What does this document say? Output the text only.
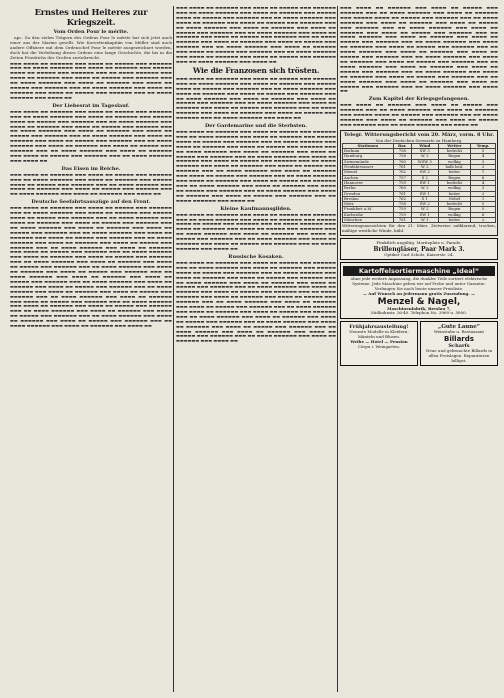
Ernstes und Heiteres zur Kriegszeit.
Vom Orden Pour le mérite.

npc. Zu den vielen Trägern des Ordens Pour le mérite hat sich jetzt auch einer aus der Marine gesellt. Wie Korvettenkapitän von Müller sind auch andere Offiziere mit dem Ordenschef Pour le mérite ausgezeichnet worden, doch hat die Verleihung dieses Ordens eine lange Geschichte, die bis in die Zeiten Friedrichs des Großen zurückreicht.

▬▬▬ ▬▬▬▬ ▬▬ ▬▬▬▬▬▬ ▬▬▬ ▬▬▬▬ ▬▬ ▬▬▬▬▬ ▬▬▬ ▬▬▬▬▬▬ ▬▬▬ ▬▬ ▬▬▬▬ ▬▬▬▬▬▬ ▬▬▬ ▬▬▬▬ ▬▬ ▬▬▬▬▬▬ ▬▬▬ ▬▬▬▬▬ ▬▬▬▬ ▬▬ ▬▬▬▬▬ ▬▬▬ ▬▬▬▬▬▬ ▬▬▬ ▬▬ ▬▬▬▬ ▬▬▬▬▬▬ ▬▬▬ ▬▬▬▬ ▬▬ ▬▬▬▬▬▬ ▬▬▬ ▬▬▬▬ ▬▬ ▬▬▬▬▬ ▬▬▬ ▬▬▬▬▬▬ ▬▬▬ ▬▬ ▬▬▬▬ ▬▬▬▬▬▬ ▬▬▬ ▬▬▬▬ ▬▬ ▬▬▬▬▬▬ ▬▬▬ ▬▬▬▬ ▬▬ ▬▬▬▬▬ ▬▬▬ ▬▬▬▬▬▬ ▬▬▬ ▬▬ ▬▬▬▬ ▬▬▬▬▬▬ ▬▬▬ ▬▬▬▬ ▬▬ ▬▬▬▬▬▬ ▬▬▬ ▬▬▬▬ ▬▬ ▬▬▬▬▬ ▬▬▬ ▬▬▬▬▬▬ ▬▬▬ ▬▬ ▬▬▬▬ ▬▬▬▬▬▬ ▬▬▬ ▬▬▬▬ ▬▬

Der Liebesrat im Tageslauf.

▬▬▬ ▬▬▬▬ ▬▬ ▬▬▬▬▬▬ ▬▬▬ ▬▬▬▬ ▬▬ ▬▬▬▬▬ ▬▬▬ ▬▬▬▬▬▬ ▬▬▬ ▬▬ ▬▬▬▬ ▬▬▬▬▬▬ ▬▬▬ ▬▬▬▬ ▬▬ ▬▬▬▬▬▬ ▬▬▬ ▬▬▬▬▬ ▬▬▬▬ ▬▬ ▬▬▬▬▬ ▬▬▬ ▬▬▬▬▬▬ ▬▬▬ ▬▬ ▬▬▬▬ ▬▬▬▬▬▬ ▬▬▬ ▬▬▬▬ ▬▬ ▬▬▬▬▬▬ ▬▬▬ ▬▬▬▬ ▬▬ ▬▬▬▬▬ ▬▬▬ ▬▬▬▬▬▬ ▬▬▬ ▬▬ ▬▬▬▬ ▬▬▬▬▬▬ ▬▬▬ ▬▬▬▬ ▬▬ ▬▬▬▬▬▬ ▬▬▬ ▬▬▬▬ ▬▬ ▬▬▬▬▬ ▬▬▬ ▬▬▬▬▬▬ ▬▬▬ ▬▬ ▬▬▬▬ ▬▬▬▬▬▬ ▬▬▬ ▬▬▬▬ ▬▬ ▬▬▬▬▬▬ ▬▬▬ ▬▬▬▬ ▬▬ ▬▬▬▬▬ ▬▬▬ ▬▬▬▬▬▬ ▬▬▬ ▬▬ ▬▬▬▬ ▬▬▬▬▬▬ ▬▬▬ ▬▬▬▬ ▬▬ ▬▬▬▬▬▬ ▬▬▬ ▬▬▬▬ ▬▬ ▬▬▬▬▬ ▬▬▬ ▬▬▬▬▬▬ ▬▬▬ ▬▬ ▬▬▬▬ ▬▬▬▬▬▬ ▬▬▬ ▬▬▬▬ ▬▬ ▬▬▬▬▬▬ ▬▬▬ ▬▬▬▬ ▬▬ ▬▬▬▬▬ ▬▬▬ ▬▬▬▬▬▬ ▬▬▬ ▬▬ ▬▬▬▬ ▬▬▬▬▬▬ ▬▬▬ ▬▬▬▬ ▬▬

Das Eisen im Reiche.

▬▬▬ ▬▬▬▬ ▬▬ ▬▬▬▬▬▬ ▬▬▬ ▬▬▬▬ ▬▬ ▬▬▬▬▬ ▬▬▬ ▬▬▬▬▬▬ ▬▬▬ ▬▬ ▬▬▬▬ ▬▬▬▬▬▬ ▬▬▬ ▬▬▬▬ ▬▬ ▬▬▬▬▬▬ ▬▬▬ ▬▬▬▬▬ ▬▬▬▬ ▬▬ ▬▬▬▬▬ ▬▬▬ ▬▬▬▬▬▬ ▬▬▬ ▬▬ ▬▬▬▬ ▬▬▬▬▬▬ ▬▬▬ ▬▬▬▬ ▬▬ ▬▬▬▬▬▬ ▬▬▬ ▬▬▬▬ ▬▬ ▬▬▬▬▬ ▬▬▬ ▬▬▬▬▬▬ ▬▬▬ ▬▬ ▬▬▬▬ ▬▬▬▬▬▬ ▬▬▬ ▬▬▬▬ ▬▬ ▬▬▬▬▬▬ ▬▬▬ ▬▬▬▬ ▬▬

Deutsche Seefahrtsauszüge auf den Front.

▬▬▬ ▬▬▬▬ ▬▬ ▬▬▬▬▬▬ ▬▬▬ ▬▬▬▬ ▬▬ ▬▬▬▬▬ ▬▬▬ ▬▬▬▬▬▬ ▬▬▬ ▬▬ ▬▬▬▬ ▬▬▬▬▬▬ ▬▬▬ ▬▬▬▬ ▬▬ ▬▬▬▬▬▬ ▬▬▬ ▬▬▬▬▬ ▬▬▬▬ ▬▬ ▬▬▬▬▬ ▬▬▬ ▬▬▬▬▬▬ ▬▬▬ ▬▬ ▬▬▬▬ ▬▬▬▬▬▬ ▬▬▬ ▬▬▬▬ ▬▬ ▬▬▬▬▬▬ ▬▬▬ ▬▬▬▬ ▬▬ ▬▬▬▬▬ ▬▬▬ ▬▬▬▬▬▬ ▬▬▬ ▬▬ ▬▬▬▬ ▬▬▬▬▬▬ ▬▬▬ ▬▬▬▬ ▬▬ ▬▬▬▬▬▬ ▬▬▬ ▬▬▬▬ ▬▬ ▬▬▬▬▬ ▬▬▬ ▬▬▬▬▬▬ ▬▬▬ ▬▬ ▬▬▬▬ ▬▬▬▬▬▬ ▬▬▬ ▬▬▬▬ ▬▬ ▬▬▬▬▬▬ ▬▬▬ ▬▬▬▬ ▬▬ ▬▬▬▬▬ ▬▬▬ ▬▬▬▬▬▬ ▬▬▬ ▬▬ ▬▬▬▬ ▬▬▬▬▬▬ ▬▬▬ ▬▬▬▬ ▬▬ ▬▬▬▬▬▬ ▬▬▬ ▬▬▬▬ ▬▬ ▬▬▬▬▬ ▬▬▬ ▬▬▬▬▬▬ ▬▬▬ ▬▬ ▬▬▬▬ ▬▬▬▬▬▬ ▬▬▬ ▬▬▬▬ ▬▬ ▬▬▬▬▬▬ ▬▬▬ ▬▬▬▬ ▬▬ ▬▬▬▬▬ ▬▬▬ ▬▬▬▬▬▬ ▬▬▬ ▬▬ ▬▬▬▬ ▬▬▬▬▬▬ ▬▬▬ ▬▬▬▬ ▬▬ ▬▬▬▬▬▬ ▬▬▬ ▬▬▬▬ ▬▬ ▬▬▬▬▬ ▬▬▬ ▬▬▬▬▬▬ ▬▬▬ ▬▬ ▬▬▬▬ ▬▬▬▬▬▬ ▬▬▬ ▬▬▬▬ ▬▬ ▬▬▬▬▬▬ ▬▬▬ ▬▬▬▬ ▬▬ ▬▬▬▬▬ ▬▬▬ ▬▬▬▬▬▬ ▬▬▬ ▬▬ ▬▬▬▬ ▬▬▬▬▬▬ ▬▬▬ ▬▬▬▬ ▬▬ ▬▬▬▬▬▬ ▬▬▬ ▬▬▬▬ ▬▬ ▬▬▬▬▬ ▬▬▬ ▬▬▬▬▬▬ ▬▬▬ ▬▬ ▬▬▬▬ ▬▬▬▬▬▬ ▬▬▬ ▬▬▬▬ ▬▬ ▬▬▬▬▬▬ ▬▬▬ ▬▬▬▬ ▬▬ ▬▬▬▬▬ ▬▬▬ ▬▬▬▬▬▬ ▬▬▬ ▬▬ ▬▬▬▬ ▬▬▬▬▬▬ ▬▬▬ ▬▬▬▬ ▬▬ ▬▬▬▬▬▬ ▬▬▬ ▬▬▬▬ ▬▬ ▬▬▬▬▬ ▬▬▬ ▬▬▬▬▬▬ ▬▬▬ ▬▬ ▬▬▬▬ ▬▬▬▬▬▬ ▬▬▬ ▬▬▬▬ ▬▬ ▬▬▬▬▬▬ ▬▬▬ ▬▬▬▬ ▬▬ ▬▬▬▬▬ ▬▬▬ ▬▬▬▬▬▬ ▬▬▬ ▬▬ ▬▬▬▬ ▬▬▬▬▬▬ ▬▬▬ ▬▬▬▬ ▬▬ ▬▬▬▬▬▬ ▬▬▬ ▬▬▬▬ ▬▬ ▬▬▬▬▬ ▬▬▬ ▬▬▬▬▬▬ ▬▬▬ ▬▬ ▬▬▬▬ ▬▬▬▬▬▬ ▬▬▬ ▬▬▬▬ ▬▬ ▬▬▬▬▬▬ ▬▬▬ ▬▬▬▬ ▬▬ ▬▬▬▬▬ ▬▬▬ ▬▬▬▬▬▬ ▬▬▬ ▬▬ ▬▬▬▬ ▬▬▬▬▬▬ ▬▬▬ ▬▬▬▬ ▬▬ ▬▬▬▬▬▬ ▬▬▬ ▬▬▬▬ ▬▬ ▬▬▬▬▬ ▬▬▬ ▬▬▬▬▬▬ ▬▬▬ ▬▬ ▬▬▬▬ ▬▬▬▬▬▬ ▬▬▬ ▬▬▬▬ ▬▬ ▬▬▬▬▬▬ ▬▬▬ ▬▬▬▬ ▬▬ ▬▬▬▬▬ ▬▬▬ ▬▬▬▬▬▬ ▬▬▬ ▬▬ ▬▬▬▬ ▬▬▬▬▬▬ ▬▬▬ ▬▬▬▬ ▬▬ ▬▬▬▬▬▬ ▬▬▬ ▬▬▬▬ ▬▬

▬▬▬ ▬▬▬▬ ▬▬ ▬▬▬▬▬▬ ▬▬▬ ▬▬▬▬ ▬▬ ▬▬▬▬▬ ▬▬▬ ▬▬▬▬▬▬ ▬▬▬ ▬▬ ▬▬▬▬ ▬▬▬▬▬▬ ▬▬▬ ▬▬▬▬ ▬▬ ▬▬▬▬▬▬ ▬▬▬ ▬▬▬▬▬ ▬▬▬▬ ▬▬ ▬▬▬▬▬ ▬▬▬ ▬▬▬▬▬▬ ▬▬▬ ▬▬ ▬▬▬▬ ▬▬▬▬▬▬ ▬▬▬ ▬▬▬▬ ▬▬ ▬▬▬▬▬▬ ▬▬▬ ▬▬▬▬ ▬▬ ▬▬▬▬▬ ▬▬▬ ▬▬▬▬▬▬ ▬▬▬ ▬▬ ▬▬▬▬ ▬▬▬▬▬▬ ▬▬▬ ▬▬▬▬ ▬▬ ▬▬▬▬▬▬ ▬▬▬ ▬▬▬▬ ▬▬ ▬▬▬▬▬ ▬▬▬ ▬▬▬▬▬▬ ▬▬▬ ▬▬ ▬▬▬▬ ▬▬▬▬▬▬ ▬▬▬ ▬▬▬▬ ▬▬ ▬▬▬▬▬▬ ▬▬▬ ▬▬▬▬ ▬▬ ▬▬▬▬▬ ▬▬▬ ▬▬▬▬▬▬ ▬▬▬ ▬▬ ▬▬▬▬ ▬▬▬▬▬▬ ▬▬▬ ▬▬▬▬ ▬▬ ▬▬▬▬▬▬ ▬▬▬ ▬▬▬▬ ▬▬ ▬▬▬▬▬ ▬▬▬ ▬▬▬▬▬▬ ▬▬▬ ▬▬ ▬▬▬▬ ▬▬▬▬▬▬ ▬▬▬ ▬▬▬▬ ▬▬ ▬▬▬▬▬▬ ▬▬▬ ▬▬▬▬ ▬▬ ▬▬▬▬▬ ▬▬▬ ▬▬▬▬▬▬ ▬▬▬ ▬▬ ▬▬▬▬ ▬▬▬▬▬▬ ▬▬▬ ▬▬▬▬ ▬▬ ▬▬▬▬▬▬ ▬▬▬ ▬▬▬▬ ▬▬ ▬▬▬▬▬ ▬▬▬ ▬▬▬▬▬▬ ▬▬▬ ▬▬ ▬▬▬▬ ▬▬▬▬▬▬ ▬▬▬ ▬▬▬▬ ▬▬

Wie die Franzosen sich trösten.

▬▬▬ ▬▬▬▬ ▬▬ ▬▬▬▬▬▬ ▬▬▬ ▬▬▬▬ ▬▬ ▬▬▬▬▬ ▬▬▬ ▬▬▬▬▬▬ ▬▬▬ ▬▬ ▬▬▬▬ ▬▬▬▬▬▬ ▬▬▬ ▬▬▬▬ ▬▬ ▬▬▬▬▬▬ ▬▬▬ ▬▬▬▬▬ ▬▬▬▬ ▬▬ ▬▬▬▬▬ ▬▬▬ ▬▬▬▬▬▬ ▬▬▬ ▬▬ ▬▬▬▬ ▬▬▬▬▬▬ ▬▬▬ ▬▬▬▬ ▬▬ ▬▬▬▬▬▬ ▬▬▬ ▬▬▬▬ ▬▬ ▬▬▬▬▬ ▬▬▬ ▬▬▬▬▬▬ ▬▬▬ ▬▬ ▬▬▬▬ ▬▬▬▬▬▬ ▬▬▬ ▬▬▬▬ ▬▬ ▬▬▬▬▬▬ ▬▬▬ ▬▬▬▬ ▬▬ ▬▬▬▬▬ ▬▬▬ ▬▬▬▬▬▬ ▬▬▬ ▬▬ ▬▬▬▬ ▬▬▬▬▬▬ ▬▬▬ ▬▬▬▬ ▬▬ ▬▬▬▬▬▬ ▬▬▬ ▬▬▬▬ ▬▬ ▬▬▬▬▬ ▬▬▬ ▬▬▬▬▬▬ ▬▬▬ ▬▬ ▬▬▬▬ ▬▬▬▬▬▬ ▬▬▬ ▬▬▬▬ ▬▬ ▬▬▬▬▬▬ ▬▬▬ ▬▬▬▬ ▬▬ ▬▬▬▬▬ ▬▬▬ ▬▬▬▬▬▬ ▬▬▬ ▬▬ ▬▬▬▬ ▬▬▬▬▬▬ ▬▬▬ ▬▬▬▬ ▬▬

Der Gardemarine und die Sterbsten.

▬▬▬ ▬▬▬▬ ▬▬ ▬▬▬▬▬▬ ▬▬▬ ▬▬▬▬ ▬▬ ▬▬▬▬▬ ▬▬▬ ▬▬▬▬▬▬ ▬▬▬ ▬▬ ▬▬▬▬ ▬▬▬▬▬▬ ▬▬▬ ▬▬▬▬ ▬▬ ▬▬▬▬▬▬ ▬▬▬ ▬▬▬▬▬ ▬▬▬▬ ▬▬ ▬▬▬▬▬ ▬▬▬ ▬▬▬▬▬▬ ▬▬▬ ▬▬ ▬▬▬▬ ▬▬▬▬▬▬ ▬▬▬ ▬▬▬▬ ▬▬ ▬▬▬▬▬▬ ▬▬▬ ▬▬▬▬ ▬▬ ▬▬▬▬▬ ▬▬▬ ▬▬▬▬▬▬ ▬▬▬ ▬▬ ▬▬▬▬ ▬▬▬▬▬▬ ▬▬▬ ▬▬▬▬ ▬▬ ▬▬▬▬▬▬ ▬▬▬ ▬▬▬▬ ▬▬ ▬▬▬▬▬ ▬▬▬ ▬▬▬▬▬▬ ▬▬▬ ▬▬ ▬▬▬▬ ▬▬▬▬▬▬ ▬▬▬ ▬▬▬▬ ▬▬ ▬▬▬▬▬▬ ▬▬▬ ▬▬▬▬ ▬▬ ▬▬▬▬▬ ▬▬▬ ▬▬▬▬▬▬ ▬▬▬ ▬▬ ▬▬▬▬ ▬▬▬▬▬▬ ▬▬▬ ▬▬▬▬ ▬▬ ▬▬▬▬▬▬ ▬▬▬ ▬▬▬▬ ▬▬ ▬▬▬▬▬ ▬▬▬ ▬▬▬▬▬▬ ▬▬▬ ▬▬ ▬▬▬▬ ▬▬▬▬▬▬ ▬▬▬ ▬▬▬▬ ▬▬ ▬▬▬▬▬▬ ▬▬▬ ▬▬▬▬ ▬▬ ▬▬▬▬▬ ▬▬▬ ▬▬▬▬▬▬ ▬▬▬ ▬▬ ▬▬▬▬ ▬▬▬▬▬▬ ▬▬▬ ▬▬▬▬ ▬▬ ▬▬▬▬▬▬ ▬▬▬ ▬▬▬▬ ▬▬ ▬▬▬▬▬ ▬▬▬ ▬▬▬▬▬▬ ▬▬▬ ▬▬ ▬▬▬▬ ▬▬▬▬▬▬ ▬▬▬ ▬▬▬▬ ▬▬ ▬▬▬▬▬▬ ▬▬▬ ▬▬▬▬ ▬▬ ▬▬▬▬▬ ▬▬▬ ▬▬▬▬▬▬ ▬▬▬ ▬▬ ▬▬▬▬ ▬▬▬▬▬▬ ▬▬▬ ▬▬▬▬ ▬▬ ▬▬▬▬▬▬ ▬▬▬ ▬▬▬▬ ▬▬ ▬▬▬▬▬ ▬▬▬ ▬▬▬▬▬▬ ▬▬▬ ▬▬ ▬▬▬▬ ▬▬▬▬▬▬ ▬▬▬ ▬▬▬▬ ▬▬

Kleine Kaufmannsgilden.

▬▬▬ ▬▬▬▬ ▬▬ ▬▬▬▬▬▬ ▬▬▬ ▬▬▬▬ ▬▬ ▬▬▬▬▬ ▬▬▬ ▬▬▬▬▬▬ ▬▬▬ ▬▬ ▬▬▬▬ ▬▬▬▬▬▬ ▬▬▬ ▬▬▬▬ ▬▬ ▬▬▬▬▬▬ ▬▬▬ ▬▬▬▬▬ ▬▬▬▬ ▬▬ ▬▬▬▬▬ ▬▬▬ ▬▬▬▬▬▬ ▬▬▬ ▬▬ ▬▬▬▬ ▬▬▬▬▬▬ ▬▬▬ ▬▬▬▬ ▬▬ ▬▬▬▬▬▬ ▬▬▬ ▬▬▬▬ ▬▬ ▬▬▬▬▬ ▬▬▬ ▬▬▬▬▬▬ ▬▬▬ ▬▬ ▬▬▬▬ ▬▬▬▬▬▬ ▬▬▬ ▬▬▬▬ ▬▬ ▬▬▬▬▬▬ ▬▬▬ ▬▬▬▬ ▬▬ ▬▬▬▬▬ ▬▬▬ ▬▬▬▬▬▬ ▬▬▬ ▬▬ ▬▬▬▬ ▬▬▬▬▬▬ ▬▬▬ ▬▬▬▬ ▬▬ ▬▬▬▬▬▬ ▬▬▬ ▬▬▬▬ ▬▬ ▬▬▬▬▬ ▬▬▬ ▬▬▬▬▬▬ ▬▬▬ ▬▬ ▬▬▬▬ ▬▬▬▬▬▬ ▬▬▬ ▬▬▬▬ ▬▬

Russische Kosaken.

▬▬▬ ▬▬▬▬ ▬▬ ▬▬▬▬▬▬ ▬▬▬ ▬▬▬▬ ▬▬ ▬▬▬▬▬ ▬▬▬ ▬▬▬▬▬▬ ▬▬▬ ▬▬ ▬▬▬▬ ▬▬▬▬▬▬ ▬▬▬ ▬▬▬▬ ▬▬ ▬▬▬▬▬▬ ▬▬▬ ▬▬▬▬▬ ▬▬▬▬ ▬▬ ▬▬▬▬▬ ▬▬▬ ▬▬▬▬▬▬ ▬▬▬ ▬▬ ▬▬▬▬ ▬▬▬▬▬▬ ▬▬▬ ▬▬▬▬ ▬▬ ▬▬▬▬▬▬ ▬▬▬ ▬▬▬▬ ▬▬ ▬▬▬▬▬ ▬▬▬ ▬▬▬▬▬▬ ▬▬▬ ▬▬ ▬▬▬▬ ▬▬▬▬▬▬ ▬▬▬ ▬▬▬▬ ▬▬ ▬▬▬▬▬▬ ▬▬▬ ▬▬▬▬ ▬▬ ▬▬▬▬▬ ▬▬▬ ▬▬▬▬▬▬ ▬▬▬ ▬▬ ▬▬▬▬ ▬▬▬▬▬▬ ▬▬▬ ▬▬▬▬ ▬▬ ▬▬▬▬▬▬ ▬▬▬ ▬▬▬▬ ▬▬ ▬▬▬▬▬ ▬▬▬ ▬▬▬▬▬▬ ▬▬▬ ▬▬ ▬▬▬▬ ▬▬▬▬▬▬ ▬▬▬ ▬▬▬▬ ▬▬ ▬▬▬▬▬▬ ▬▬▬ ▬▬▬▬ ▬▬ ▬▬▬▬▬ ▬▬▬ ▬▬▬▬▬▬ ▬▬▬ ▬▬ ▬▬▬▬ ▬▬▬▬▬▬ ▬▬▬ ▬▬▬▬ ▬▬ ▬▬▬▬▬▬ ▬▬▬ ▬▬▬▬ ▬▬ ▬▬▬▬▬ ▬▬▬ ▬▬▬▬▬▬ ▬▬▬ ▬▬ ▬▬▬▬ ▬▬▬▬▬▬ ▬▬▬ ▬▬▬▬ ▬▬ ▬▬▬▬▬▬ ▬▬▬ ▬▬▬▬ ▬▬ ▬▬▬▬▬ ▬▬▬ ▬▬▬▬▬▬ ▬▬▬ ▬▬ ▬▬▬▬ ▬▬▬▬▬▬ ▬▬▬ ▬▬▬▬ ▬▬ ▬▬▬▬▬▬ ▬▬▬ ▬▬▬▬ ▬▬ ▬▬▬▬▬ ▬▬▬ ▬▬▬▬▬▬ ▬▬▬ ▬▬ ▬▬▬▬ ▬▬▬▬▬▬ ▬▬▬ ▬▬▬▬ ▬▬ ▬▬▬▬▬▬ ▬▬▬ ▬▬▬▬ ▬▬ ▬▬▬▬▬ ▬▬▬ ▬▬▬▬▬▬ ▬▬▬ ▬▬ ▬▬▬▬ ▬▬▬▬▬▬ ▬▬▬ ▬▬▬▬ ▬▬ ▬▬▬▬▬▬ ▬▬▬ ▬▬▬▬ ▬▬ ▬▬▬▬▬ ▬▬▬ ▬▬▬▬▬▬ ▬▬▬ ▬▬ ▬▬▬▬ ▬▬▬▬▬▬ ▬▬▬ ▬▬▬▬ ▬▬ ▬▬▬▬▬▬ ▬▬▬ ▬▬▬▬ ▬▬

▬▬▬ ▬▬▬▬ ▬▬ ▬▬▬▬▬▬ ▬▬▬ ▬▬▬▬ ▬▬ ▬▬▬▬▬ ▬▬▬ ▬▬▬▬▬▬ ▬▬▬ ▬▬ ▬▬▬▬ ▬▬▬▬▬▬ ▬▬▬ ▬▬▬▬ ▬▬ ▬▬▬▬▬▬ ▬▬▬ ▬▬▬▬▬ ▬▬▬▬ ▬▬ ▬▬▬▬▬ ▬▬▬ ▬▬▬▬▬▬ ▬▬▬ ▬▬ ▬▬▬▬ ▬▬▬▬▬▬ ▬▬▬ ▬▬▬▬ ▬▬ ▬▬▬▬▬▬ ▬▬▬ ▬▬▬▬ ▬▬ ▬▬▬▬▬ ▬▬▬ ▬▬▬▬▬▬ ▬▬▬ ▬▬ ▬▬▬▬ ▬▬▬▬▬▬ ▬▬▬ ▬▬▬▬ ▬▬ ▬▬▬▬▬▬ ▬▬▬ ▬▬▬▬ ▬▬ ▬▬▬▬▬ ▬▬▬ ▬▬▬▬▬▬ ▬▬▬ ▬▬ ▬▬▬▬ ▬▬▬▬▬▬ ▬▬▬ ▬▬▬▬ ▬▬ ▬▬▬▬▬▬ ▬▬▬ ▬▬▬▬ ▬▬ ▬▬▬▬▬ ▬▬▬ ▬▬▬▬▬▬ ▬▬▬ ▬▬ ▬▬▬▬ ▬▬▬▬▬▬ ▬▬▬ ▬▬▬▬ ▬▬ ▬▬▬▬▬▬ ▬▬▬ ▬▬▬▬ ▬▬ ▬▬▬▬▬ ▬▬▬ ▬▬▬▬▬▬ ▬▬▬ ▬▬ ▬▬▬▬ ▬▬▬▬▬▬ ▬▬▬ ▬▬▬▬ ▬▬ ▬▬▬▬▬▬ ▬▬▬ ▬▬▬▬ ▬▬ ▬▬▬▬▬ ▬▬▬ ▬▬▬▬▬▬ ▬▬▬ ▬▬ ▬▬▬▬ ▬▬▬▬▬▬ ▬▬▬ ▬▬▬▬ ▬▬ ▬▬▬▬▬▬ ▬▬▬ ▬▬▬▬ ▬▬ ▬▬▬▬▬ ▬▬▬ ▬▬▬▬▬▬ ▬▬▬ ▬▬ ▬▬▬▬ ▬▬▬▬▬▬ ▬▬▬ ▬▬▬▬ ▬▬ ▬▬▬▬▬▬ ▬▬▬ ▬▬▬▬ ▬▬ ▬▬▬▬▬ ▬▬▬ ▬▬▬▬▬▬ ▬▬▬ ▬▬ ▬▬▬▬ ▬▬▬▬▬▬ ▬▬▬ ▬▬▬▬ ▬▬ ▬▬▬▬▬▬ ▬▬▬ ▬▬▬▬ ▬▬ ▬▬▬▬▬ ▬▬▬ ▬▬▬▬▬▬ ▬▬▬ ▬▬ ▬▬▬▬ ▬▬▬▬▬▬ ▬▬▬ ▬▬▬▬ ▬▬ ▬▬▬▬▬▬ ▬▬▬ ▬▬▬▬ ▬▬ ▬▬▬▬▬ ▬▬▬ ▬▬▬▬▬▬ ▬▬▬ ▬▬ ▬▬▬▬ ▬▬▬▬▬▬ ▬▬▬ ▬▬▬▬ ▬▬

Zum Kapitel der Kriegsgefangenen.

▬▬▬ ▬▬▬▬ ▬▬ ▬▬▬▬▬▬ ▬▬▬ ▬▬▬▬ ▬▬ ▬▬▬▬▬ ▬▬▬ ▬▬▬▬▬▬ ▬▬▬ ▬▬ ▬▬▬▬ ▬▬▬▬▬▬ ▬▬▬ ▬▬▬▬ ▬▬ ▬▬▬▬▬▬ ▬▬▬ ▬▬▬▬▬ ▬▬▬▬ ▬▬ ▬▬▬▬▬ ▬▬▬ ▬▬▬▬▬▬ ▬▬▬ ▬▬ ▬▬▬▬ ▬▬▬▬▬▬ ▬▬▬ ▬▬▬▬ ▬▬ ▬▬▬▬▬▬ ▬▬▬ ▬▬▬▬ ▬▬ ▬▬▬▬▬ ▬▬▬ ▬▬▬▬▬▬ ▬▬▬ ▬▬ ▬▬▬▬ ▬▬▬▬▬▬ ▬▬▬ ▬▬▬▬ ▬▬

Telegr. Witterungsbericht vom 20. März, vorm. 8 Uhr.
Von der Deutschen Seewarte zu Hamburg.
Stationen	Bar.	Wind	Wetter	Temp.
Borkum	756	SW 3	bedeckt	5
Hamburg	758	W 2	Regen	4
Swinemünde	760	WSW 3	wolkig	3
Neufahrwasser	761	W 2	halb bed.	2
Memel	762	SW 2	heiter	1
Aachen	757	S 2	Regen	6
Hannover	759	SW 1	bedeckt	4
Berlin	760	W 2	wolkig	3
Dresden	761	SW 1	heiter	2
Breslau	762	S 1	Nebel	1
Metz	758	SW 2	bedeckt	5
Frankfurt a.M.	759	W 2	Regen	5
Karlsruhe	759	SW 1	wolkig	6
München	761	W 1	heiter	2
Witterungsaussichten für den 21. März. Zeitweise aufklarend, trocken, mäßige westliche Winde, kühl.
Pünktlich ungültig. Moritzplatz u. Parade.
Brillengläser, Paar Mark 3.
Optiker Carl Scholz, Kaiserstr. 24.
Kartoffelsortiermaschine „Ideal“
ohne jede weitere Anpassung, die dunkler Teile sortiert elektrische Systeme. Jede Maschine geben wir auf Probe und unter Garantie. Verlangen Sie noch heute unsere Preisliste.
— Auf Wunsch an jedermann gratis Zusendung. —
Menzel & Nagel,
Maschinenfabrik, Breslau 7,
Südbahnstr. 26-40. Telephon No. 3969 u. 5800.
Frühjahrsaustellung!
Neueste Modelle in Kleidern, Mänteln und Blusen.
Weihe — Hotel — Pension
Cörpu i. Weingarten.
„Gute Laune“
Weinstube u. Restaurant
Billards
Scharfs
Neue und gebrauchte Billards in allen Preislagen. Reparaturen billigst.
